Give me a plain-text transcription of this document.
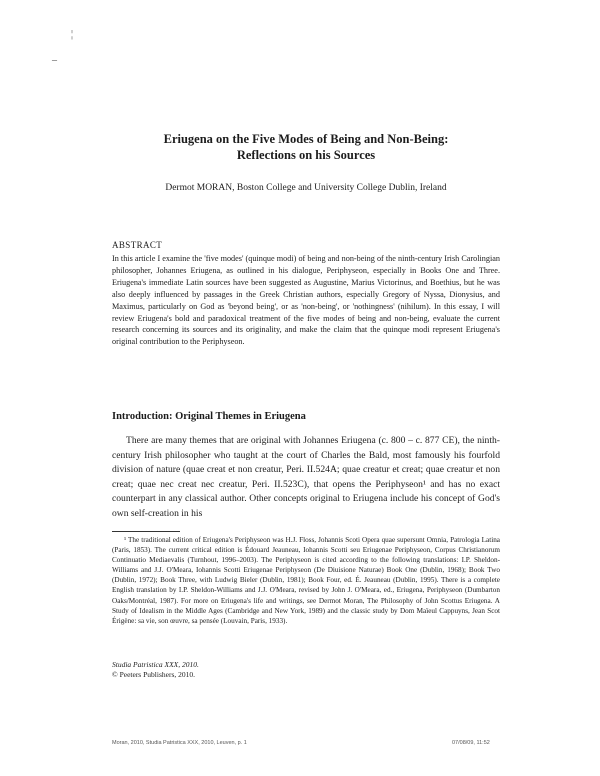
¦
–
Eriugena on the Five Modes of Being and Non-Being:
Reflections on his Sources

Dermot MORAN, Boston College and University College Dublin, Ireland

ABSTRACT

In this article I examine the 'five modes' (quinque modi) of being and non-being of the ninth-century Irish Carolingian philosopher, Johannes Eriugena, as outlined in his dialogue, Periphyseon, especially in Books One and Three. Eriugena's immediate Latin sources have been suggested as Augustine, Marius Victorinus, and Boethius, but he was also deeply influenced by passages in the Greek Christian authors, especially Gregory of Nyssa, Dionysius, and Maximus, particularly on God as 'beyond being', or as 'non-being', or 'nothingness' (nihilum). In this essay, I will review Eriugena's bold and paradoxical treatment of the five modes of being and non-being, evaluate the current research concerning its sources and its originality, and make the claim that the quinque modi represent Eriugena's original contribution to the Periphyseon.

Introduction: Original Themes in Eriugena

There are many themes that are original with Johannes Eriugena (c. 800 – c. 877 CE), the ninth-century Irish philosopher who taught at the court of Charles the Bald, most famously his fourfold division of nature (quae creat et non creatur, Peri. II.524A; quae creatur et creat; quae creatur et non creat; quae nec creat nec creatur, Peri. II.523C), that opens the Periphyseon¹ and has no exact counterpart in any classical author. Other concepts original to Eriugena include his concept of God's own self-creation in his

¹ The traditional edition of Eriugena's Periphyseon was H.J. Floss, Johannis Scoti Opera quae supersunt Omnia, Patrologia Latina (Paris, 1853). The current critical edition is Édouard Jeauneau, Iohannis Scotti seu Eriugenae Periphyseon, Corpus Christianorum Continuatio Mediaevalis (Turnhout, 1996–2003). The Periphyseon is cited according to the following translations: I.P. Sheldon-Williams and J.J. O'Meara, Iohannis Scotti Eriugenae Periphyseon (De Diuisione Naturae) Book One (Dublin, 1968); Book Two (Dublin, 1972); Book Three, with Ludwig Bieler (Dublin, 1981); Book Four, ed. É. Jeauneau (Dublin, 1995). There is a complete English translation by I.P. Sheldon-Williams and J.J. O'Meara, revised by John J. O'Meara, ed., Eriugena, Periphyseon (Dumbarton Oaks/Montréal, 1987). For more on Eriugena's life and writings, see Dermot Moran, The Philosophy of John Scottus Eriugena. A Study of Idealism in the Middle Ages (Cambridge and New York, 1989) and the classic study by Dom Maïeul Cappuyns, Jean Scot Érigène: sa vie, son œuvre, sa pensée (Louvain, Paris, 1933).

Studia Patristica XXX, 2010.
© Peeters Publishers, 2010.

Moran, 2010, Studia Patristica XXX, 2010, Leuven, p. 1	07/08/09, 11:52
